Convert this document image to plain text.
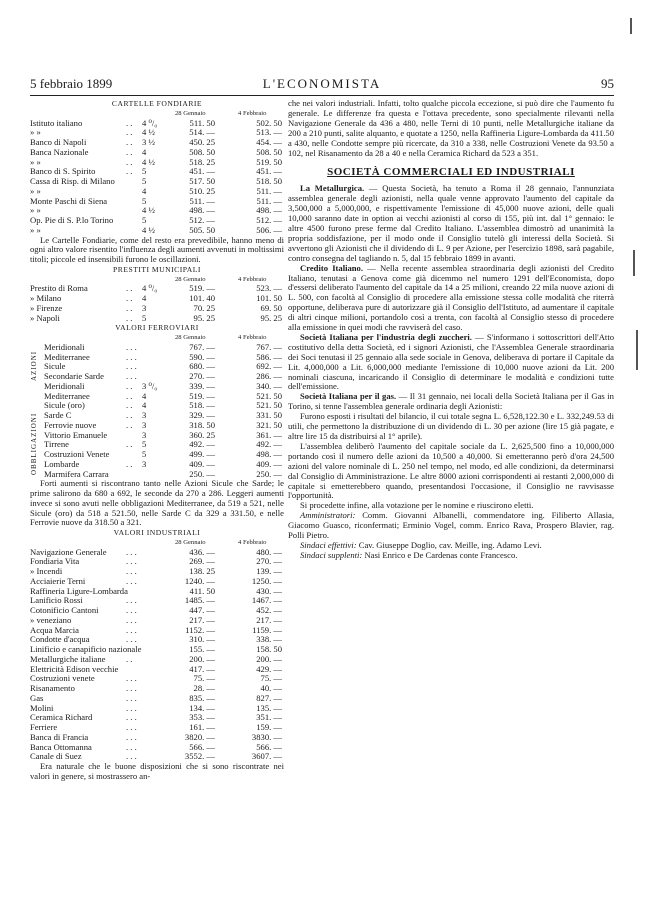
5 febbraio 1899	L'ECONOMISTA	95
CARTELLE FONDIARIE
28 Gennaio	4 Febbraio
Istituto italiano	. . 4 ⁰/₀	511. 50	502. 50
» »	. . 4 ½	514. —	513. —
Banco di Napoli	. . 3 ½	450. 25	454. —
Banca Nazionale	. . 4	508. 50	508. 50
» »	. . 4 ½	518. 25	519. 50
Banco di S. Spirito	. . 5	451. —	451. —
Cassa di Risp. di Milano	5	517. 50	518. 50
» »	4	510. 25	511. —
Monte Paschi di Siena	5	511. —	511. —
» »	4 ½	498. —	498. —
Op. Pie di S. P.lo Torino	5	512. —	512. —
» »	4 ½	505. 50	506. —

Le Cartelle Fondiarie, come del resto era prevedibile, hanno meno di ogni altro valore risentito l'influenza degli aumenti avvenuti in moltissimi titoli; piccole ed insensibili furono le oscillazioni.

PRESTITI MUNICIPALI
28 Gennaio	4 Febbraio
Prestito di Roma	. . 4 ⁰/₀	519. —	523. —
» Milano	. . 4	101. 40	101. 50
» Firenze	. . 3	70. 25	69. 50
» Napoli	. . 5	95. 25	95. 25
VALORI FERROVIARI
28 Gennaio	4 Febbraio
Meridionali	. . .	767. —	767. —
Mediterranee	. . .	590. —	586. —
Sicule	. . .	680. —	692. —
Secondarie Sarde	. . .	270. —	286. —
Meridionali	. . 3 ⁰/₀	339. —	340. —
Mediterranee	. . 4	519. —	521. 50
Sicule (oro)	. . 4	518. —	521. 50
Sarde C	. . 3	329. —	331. 50
Ferrovie nuove	. . 3	318. 50	321. 50
Vittorio Emanuele	3	360. 25	361. —
Tirrene	. . 5	492. —	492. —
Costruzioni Venete	5	499. —	498. —
Lombarde	. . 3	409. —	409. —
Marmifera Carrara	250. —	250. —
AZIONI
OBBLIGAZIONI

Forti aumenti si riscontrano tanto nelle Azioni Sicule che Sarde; le prime salirono da 680 a 692, le seconde da 270 a 286. Leggeri aumenti invece si sono avuti nelle obbligazioni Mediterranee, da 519 a 521, nelle Sicule (oro) da 518 a 521.50, nelle Sarde C da 329 a 331.50, e nelle Ferrovie nuove da 318.50 a 321.

VALORI INDUSTRIALI
28 Gennaio	4 Febbraio
Navigazione Generale . . .	436. —	480. —
Fondiaria Vita	. . .	269. —	270. —
» Incendi	. . .	138. 25	139. —
Acciaierie Terni	. . .	1240. —	1250. —
Raffineria Ligure-Lombarda	411. 50	430. —
Lanificio Rossi	. . .	1485. —	1467. —
Cotonificio Cantoni	. . .	447. —	452. —
» veneziano	. . .	217. —	217. —
Acqua Marcia	. . .	1152. —	1159. —
Condotte d'acqua	. . .	310. —	338. —
Linificio e canapificio nazionale	155. —	158. 50
Metallurgiche italiane . .	200. —	200. —
Elettricità Edison vecchie	417. —	429. —
Costruzioni venete	. . .	75. —	75. —
Risanamento	. . .	28. —	40. —
Gas	. . .	835. —	827. —
Molini	. . .	134. —	135. —
Ceramica Richard	. . .	353. —	351. —
Ferriere	. . .	161. —	159. —
Banca di Francia	. . .	3820. —	3830. —
Banca Ottomanna	. . .	566. —	566. —
Canale di Suez	. . .	3552. —	3607. —

Era naturale che le buone disposizioni che si sono riscontrate nei valori in genere, si mostrassero an-

che nei valori industriali. Infatti, tolto qualche piccola eccezione, si può dire che l'aumento fu generale. Le differenze fra questa e l'ottava precedente, sono specialmente rilevanti nella Navigazione Generale da 436 a 480, nelle Terni di 10 punti, nelle Metallurgiche italiane da 200 a 210 punti, salite alquanto, e quotate a 1250, nella Raffineria Ligure-Lombarda da 411.50 a 430, nelle Condotte sempre più ricercate, da 310 a 338, nelle Costruzioni Venete da 93.50 a 102, nel Risanamento da 28 a 40 e nella Ceramica Richard da 523 a 351.

SOCIETÀ COMMERCIALI ED INDUSTRIALI

La Metallurgica. — Questa Società, ha tenuto a Roma il 28 gennaio, l'annunziata assemblea generale degli azionisti, nella quale venne approvato l'aumento del capitale da 3,500,000 a 5,000,000, e rispettivamente l'emissione di 45,000 nuove azioni, delle quali 10,000 saranno date in option ai vecchi azionisti al corso di 155, più int. dal 1° gennaio: le altre 4500 furono prese ferme dal Credito Italiano. L'assemblea dimostrò ad unanimità la propria soddisfazione, per il modo onde il Consiglio tutelò gli interessi della Società. Si avvertono gli Azionisti che il dividendo di L. 9 per Azione, per l'esercizio 1898, sarà pagabile, contro consegna del tagliando n. 5, dal 15 febbraio 1899 in avanti.

Credito Italiano. — Nella recente assemblea straordinaria degli azionisti del Credito Italiano, tenutasi a Genova come già dicemmo nel numero 1291 dell'Economista, dopo d'essersi deliberato l'aumento del capitale da 14 a 25 milioni, creando 22 mila nuove azioni di L. 500, con facoltà al Consiglio di procedere alla emissione stessa colle modalità che riterrà opportune, deliberava pure di autorizzare già il Consiglio dell'Istituto, ad aumentare il capitale di altri cinque milioni, portandolo così a trenta, con facoltà al Consiglio stesso di procedere alla emissione in quei modi che ravviserà del caso.

Società Italiana per l'industria degli zuccheri. — S'informano i sottoscrittori dell'Atto costitutivo della detta Società, ed i signori Azionisti, che l'Assemblea Generale straordinaria dei Soci tenutasi il 25 gennaio alla sede sociale in Genova, deliberava di portare il Capitale da Lit. 4,000,000 a Lit. 6,000,000 mediante l'emissione di 10,000 nuove azioni da Lit. 200 nominali ciascuna, incaricando il Consiglio di determinare le modalità e condizioni tutte dell'emissione.

Società Italiana per il gas. — Il 31 gennaio, nei locali della Società Italiana per il Gas in Torino, si tenne l'assemblea generale ordinaria degli Azionisti:

Furono esposti i risultati del bilancio, il cui totale segna L. 6,528,122.30 e L. 332,249.53 di utili, che permettono la distribuzione di un dividendo di L. 30 per azione (lire 15 già pagate, e altre lire 15 da distribuirsi al 1° aprile).

L'assemblea deliberò l'aumento del capitale sociale da L. 2,625,500 fino a 10,000,000 portando così il numero delle azioni da 10,500 a 40,000. Si emetteranno però d'ora 24,500 azioni del valore nominale di L. 250 nel tempo, nel modo, ed alle condizioni, da determinarsi dal Consiglio di Amministrazione. Le altre 8000 azioni corrispondenti ai restanti 2,000,000 di capitale si emetterebbero quando, presentandosi l'occasione, il Consiglio ne ravvisasse l'opportunità.

Si procedette infine, alla votazione per le nomine e riuscirono eletti.

Amministratori: Comm. Giovanni Albanelli, commendatore ing. Filiberto Allasia, Giacomo Guasco, riconfermati; Erminio Vogel, comm. Enrico Rava, Prospero Blavier, rag. Polli Pietro.

Sindaci effettivi: Cav. Giuseppe Doglio, cav. Meille, ing. Adamo Levi.

Sindaci supplenti: Nasi Enrico e De Cardenas conte Francesco.
